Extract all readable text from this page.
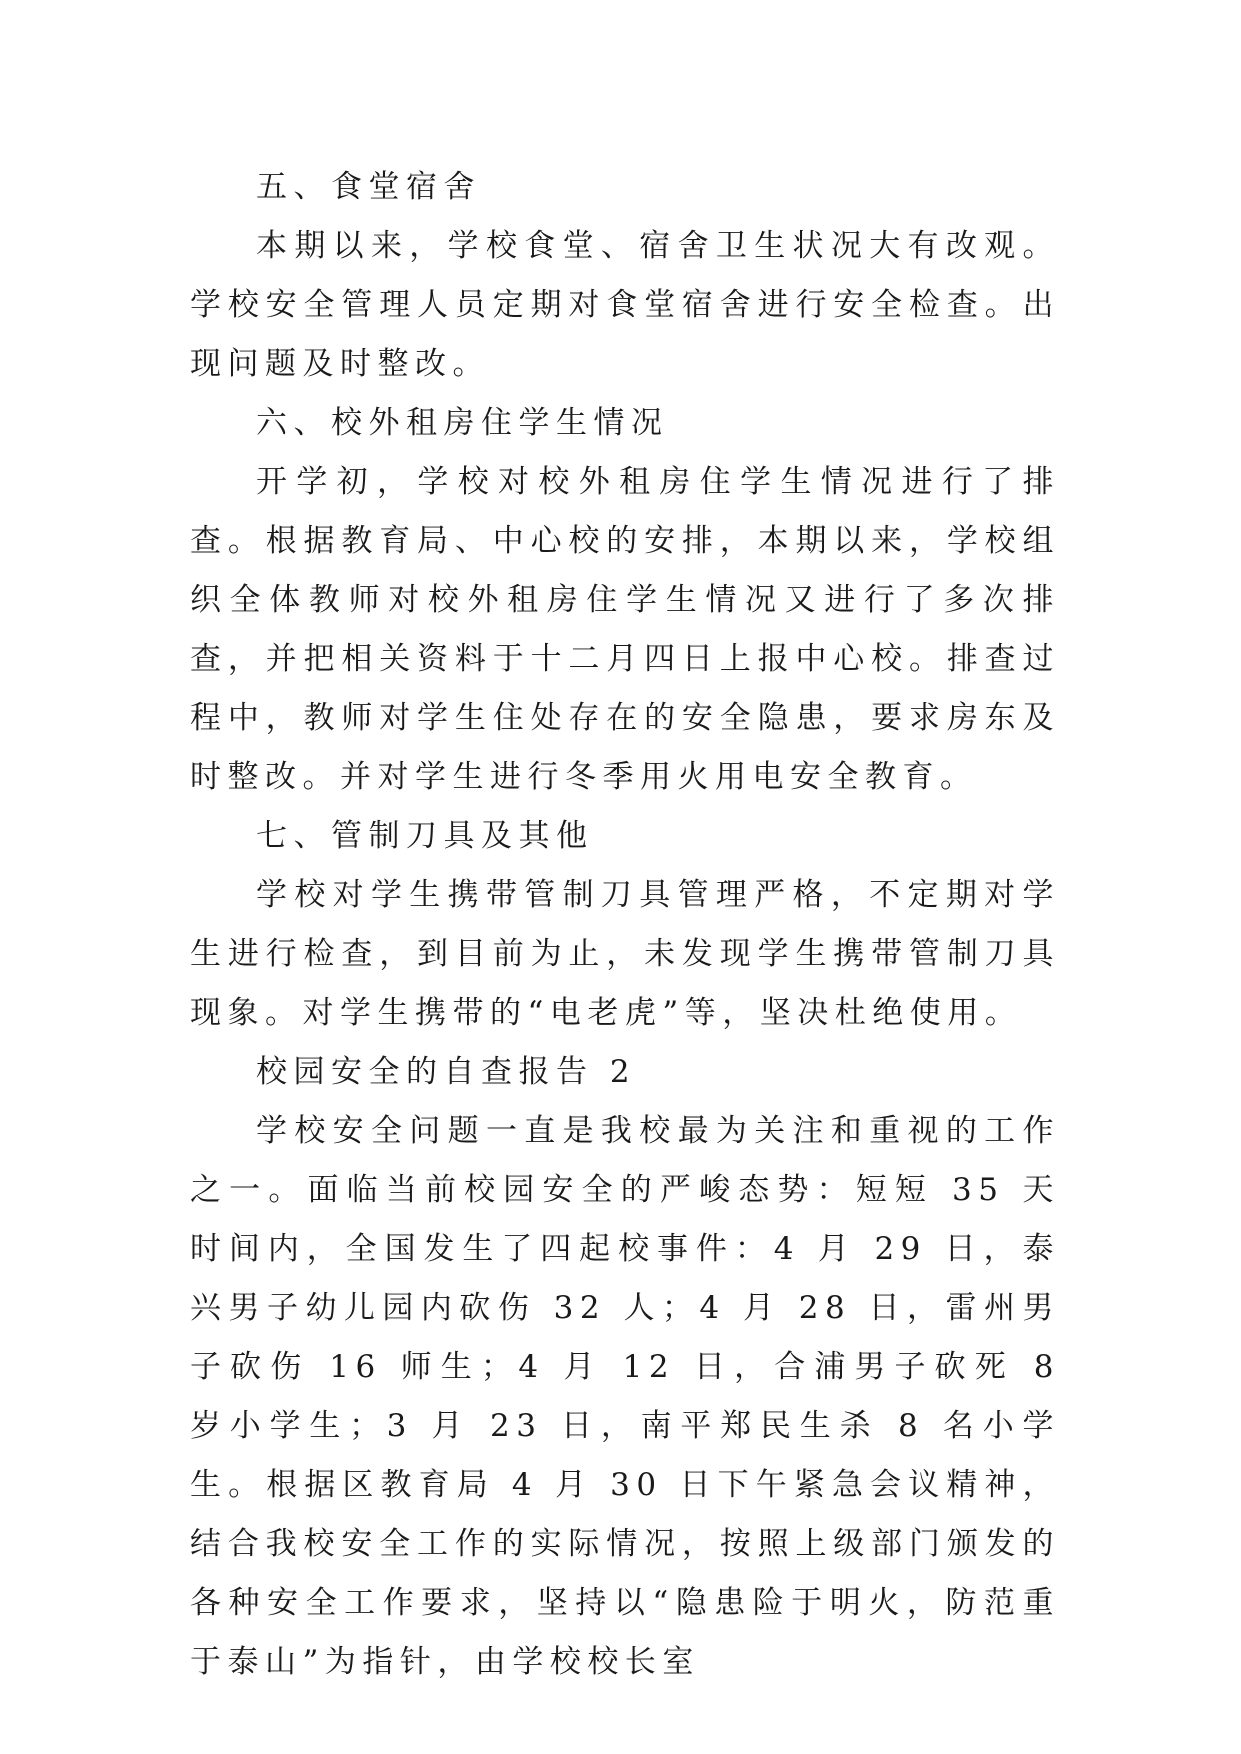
五、食堂宿舍

本期以来，学校食堂、宿舍卫生状况大有改观。学校安全管理人员定期对食堂宿舍进行安全检查。出现问题及时整改。

六、校外租房住学生情况

开学初，学校对校外租房住学生情况进行了排查。根据教育局、中心校的安排，本期以来，学校组织全体教师对校外租房住学生情况又进行了多次排查，并把相关资料于十二月四日上报中心校。排查过程中，教师对学生住处存在的安全隐患，要求房东及时整改。并对学生进行冬季用火用电安全教育。

七、管制刀具及其他

学校对学生携带管制刀具管理严格，不定期对学生进行检查，到目前为止，未发现学生携带管制刀具现象。对学生携带的“电老虎”等，坚决杜绝使用。

校园安全的自查报告 2

学校安全问题一直是我校最为关注和重视的工作之一。面临当前校园安全的严峻态势：短短 35 天时间内，全国发生了四起校事件：4 月 29 日，泰兴男子幼儿园内砍伤 32 人；4 月 28 日，雷州男子砍伤 16 师生；4 月 12 日，合浦男子砍死 8 岁小学生；3 月 23 日，南平郑民生杀 8 名小学生。根据区教育局 4 月 30 日下午紧急会议精神，结合我校安全工作的实际情况，按照上级部门颁发的各种安全工作要求，坚持以“隐患险于明火，防范重于泰山”为指针，由学校校长室
